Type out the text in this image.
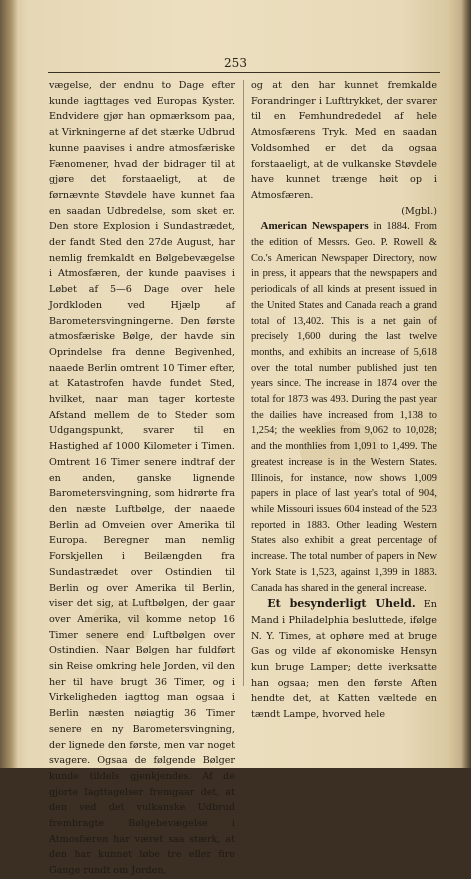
253
vægelse, der endnu to Dage efter kunde iagttages ved Europas Kyster. Endvidere gjør han opmærksom paa, at Virkningerne af det stærke Udbrud kunne paavises i andre atmosfæriske Fænomener, hvad der bidrager til at gjøre det forstaaeligt, at de førnævnte Støvdele have kunnet faa en saadan Udbredelse, som sket er. Den store Explosion i Sundastrædet, der fandt Sted den 27de August, har nemlig fremkaldt en Bølgebevægelse i Atmosfæren, der kunde paavises i Løbet af 5—6 Dage over hele Jordkloden ved Hjælp af Barometersvingningerne. Den første atmosfæriske Bølge, der havde sin Oprindelse fra denne Begivenhed, naaede Berlin omtrent 10 Timer efter, at Katastrofen havde fundet Sted, hvilket, naar man tager korteste Afstand mellem de to Steder som Udgangspunkt, svarer til en Hastighed af 1000 Kilometer i Timen. Omtrent 16 Timer senere indtraf der en anden, ganske lignende Barometersvingning, som hidrørte fra den næste Luftbølge, der naaede Berlin ad Omveien over Amerika til Europa. Beregner man nemlig Forskjellen i Beilængden fra Sundastrædet over Ostindien til Berlin og over Amerika til Berlin, viser det sig, at Luftbølgen, der gaar over Amerika, vil komme netop 16 Timer senere end Luftbølgen over Ostindien. Naar Bølgen har fuldført sin Reise omkring hele Jorden, vil den her til have brugt 36 Timer, og i Virkeligheden iagttog man ogsaa i Berlin næsten nøiagtig 36 Timer senere en ny Barometersvingning, der lignede den første, men var noget svagere. Ogsaa de følgende Bølger kunde tildels gjenkjendes. Af de gjorte Iagttagelser fremgaar det, at den ved det vulkanske Udbrud frembragte Bølgebevægelse i Atmosfæren har været saa stærk, at den har kunnet løbe tre eller fire Gange rundt om Jorden,
og at den har kunnet fremkalde Forandringer i Lufttrykket, der svarer til en Femhundrededel af hele Atmosfærens Tryk. Med en saadan Voldsomhed er det da ogsaa forstaaeligt, at de vulkanske Støvdele have kunnet trænge høit op i Atmosfæren.
(Mgbl.)
American Newspapers in 1884. From the edition of Messrs. Geo. P. Rowell & Co.'s American Newspaper Directory, now in press, it appears that the newspapers and periodicals of all kinds at present issued in the United States and Canada reach a grand total of 13,402. This is a net gain of precisely 1,600 during the last twelve months, and exhibits an increase of 5,618 over the total number published just ten years since. The increase in 1874 over the total for 1873 was 493. During the past year the dailies have increased from 1,138 to 1,254; the weeklies from 9,062 to 10,028; and the monthlies from 1,091 to 1,499. The greatest increase is in the Western States. Illinois, for instance, now shows 1,009 papers in place of last year's total of 904, while Missouri issues 604 instead of the 523 reported in 1883. Other leading Western States also exhibit a great percentage of increase. The total number of papers in New York State is 1,523, against 1,399 in 1883. Canada has shared in the general increase.
Et besynderligt Uheld. En Mand i Philadelphia besluttede, ifølge N. Y. Times, at ophøre med at bruge Gas og vilde af økonomiske Hensyn kun bruge Lamper; dette iverksatte han ogsaa; men den første Aften hendte det, at Katten væltede en tændt Lampe, hvorved hele
